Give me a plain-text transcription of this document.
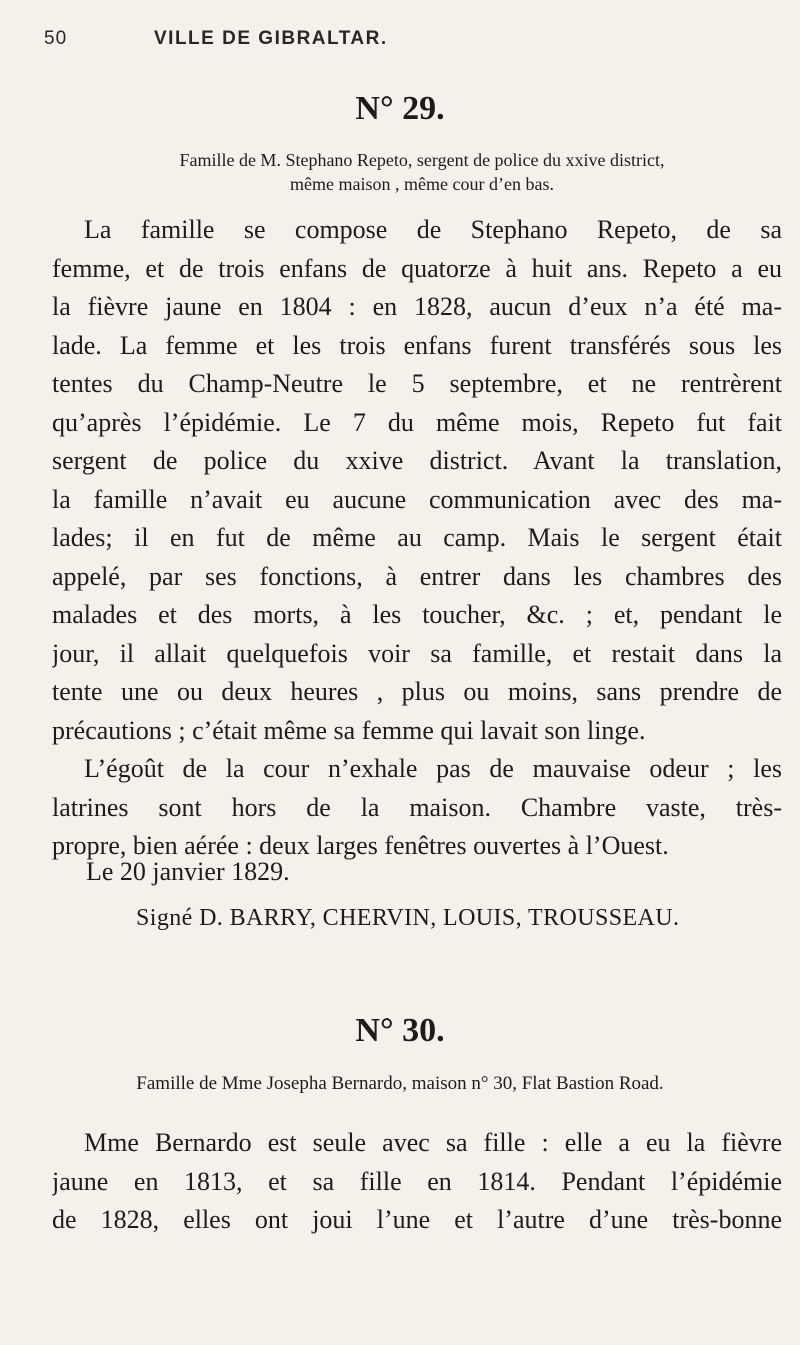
50	VILLE DE GIBRALTAR.
N° 29.
Famille de M. Stephano Repeto, sergent de police du xxive district,
même maison , même cour d’en bas.
La famille se compose de Stephano Repeto, de sa
femme, et de trois enfans de quatorze à huit ans. Repeto a eu
la fièvre jaune en 1804 : en 1828, aucun d’eux n’a été ma-
lade. La femme et les trois enfans furent transférés sous les
tentes du Champ-Neutre le 5 septembre, et ne rentrèrent
qu’après l’épidémie. Le 7 du même mois, Repeto fut fait
sergent de police du xxive district. Avant la translation,
la famille n’avait eu aucune communication avec des ma-
lades; il en fut de même au camp. Mais le sergent était
appelé, par ses fonctions, à entrer dans les chambres des
malades et des morts, à les toucher, &c. ; et, pendant le
jour, il allait quelquefois voir sa famille, et restait dans la
tente une ou deux heures , plus ou moins, sans prendre de
précautions ; c’était même sa femme qui lavait son linge.
L’égoût de la cour n’exhale pas de mauvaise odeur ; les
latrines sont hors de la maison. Chambre vaste, très-
propre, bien aérée : deux larges fenêtres ouvertes à l’Ouest.
Le 20 janvier 1829.
Signé D. BARRY, CHERVIN, LOUIS, TROUSSEAU.
N° 30.
Famille de Mme Josepha Bernardo, maison n° 30, Flat Bastion Road.
Mme Bernardo est seule avec sa fille : elle a eu la fièvre
jaune en 1813, et sa fille en 1814. Pendant l’épidémie
de 1828, elles ont joui l’une et l’autre d’une très-bonne
